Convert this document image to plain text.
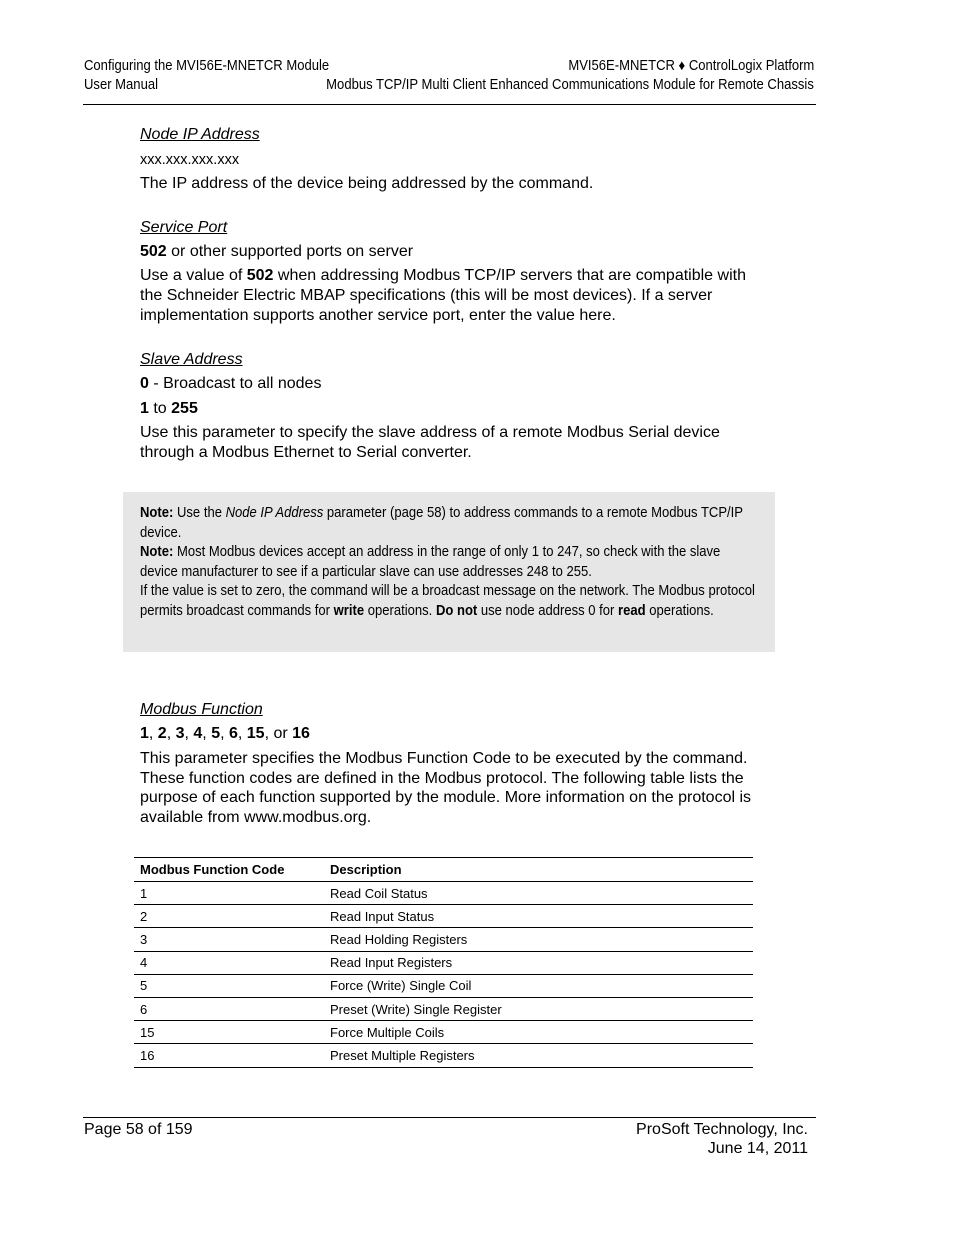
Configuring the MVI56E-MNETCR Module	MVI56E-MNETCR ♦ ControlLogix Platform
User Manual	Modbus TCP/IP Multi Client Enhanced Communications Module for Remote Chassis
Node IP Address
xxx.xxx.xxx.xxx
The IP address of the device being addressed by the command.
Service Port
502 or other supported ports on server
Use a value of 502 when addressing Modbus TCP/IP servers that are compatible with the Schneider Electric MBAP specifications (this will be most devices). If a server implementation supports another service port, enter the value here.
Slave Address
0 - Broadcast to all nodes
1 to 255
Use this parameter to specify the slave address of a remote Modbus Serial device through a Modbus Ethernet to Serial converter.
Note: Use the Node IP Address parameter (page 58) to address commands to a remote Modbus TCP/IP device.
Note: Most Modbus devices accept an address in the range of only 1 to 247, so check with the slave device manufacturer to see if a particular slave can use addresses 248 to 255.
If the value is set to zero, the command will be a broadcast message on the network. The Modbus protocol permits broadcast commands for write operations. Do not use node address 0 for read operations.
Modbus Function
1, 2, 3, 4, 5, 6, 15, or 16
This parameter specifies the Modbus Function Code to be executed by the command. These function codes are defined in the Modbus protocol. The following table lists the purpose of each function supported by the module. More information on the protocol is available from www.modbus.org.
Modbus Function Code	Description
1	Read Coil Status
2	Read Input Status
3	Read Holding Registers
4	Read Input Registers
5	Force (Write) Single Coil
6	Preset (Write) Single Register
15	Force Multiple Coils
16	Preset Multiple Registers
Page 58 of 159	ProSoft Technology, Inc.
June 14, 2011
